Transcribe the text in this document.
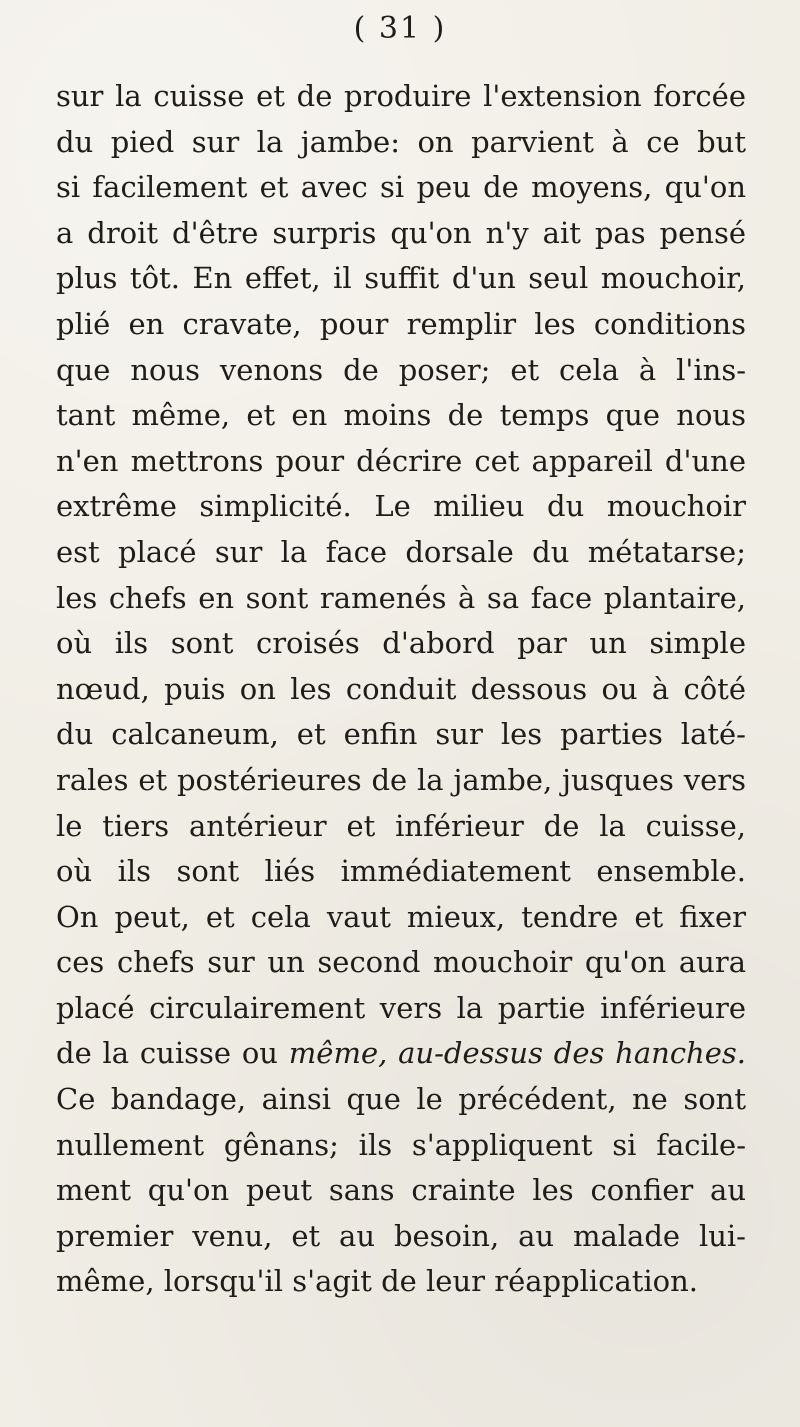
( 31 )
sur la cuisse et de produire l'extension forcée
du pied sur la jambe: on parvient à ce but
si facilement et avec si peu de moyens, qu'on
a droit d'être surpris qu'on n'y ait pas pensé
plus tôt. En effet, il suffit d'un seul mouchoir,
plié en cravate, pour remplir les conditions
que nous venons de poser; et cela à l'ins-
tant même, et en moins de temps que nous
n'en mettrons pour décrire cet appareil d'une
extrême simplicité. Le milieu du mouchoir
est placé sur la face dorsale du métatarse;
les chefs en sont ramenés à sa face plantaire,
où ils sont croisés d'abord par un simple
nœud, puis on les conduit dessous ou à côté
du calcaneum, et enfin sur les parties laté-
rales et postérieures de la jambe, jusques vers
le tiers antérieur et inférieur de la cuisse,
où ils sont liés immédiatement ensemble.
On peut, et cela vaut mieux, tendre et fixer
ces chefs sur un second mouchoir qu'on aura
placé circulairement vers la partie inférieure
de la cuisse ou même, au-dessus des hanches.
Ce bandage, ainsi que le précédent, ne sont
nullement gênans; ils s'appliquent si facile-
ment qu'on peut sans crainte les confier au
premier venu, et au besoin, au malade lui-
même, lorsqu'il s'agit de leur réapplication.
